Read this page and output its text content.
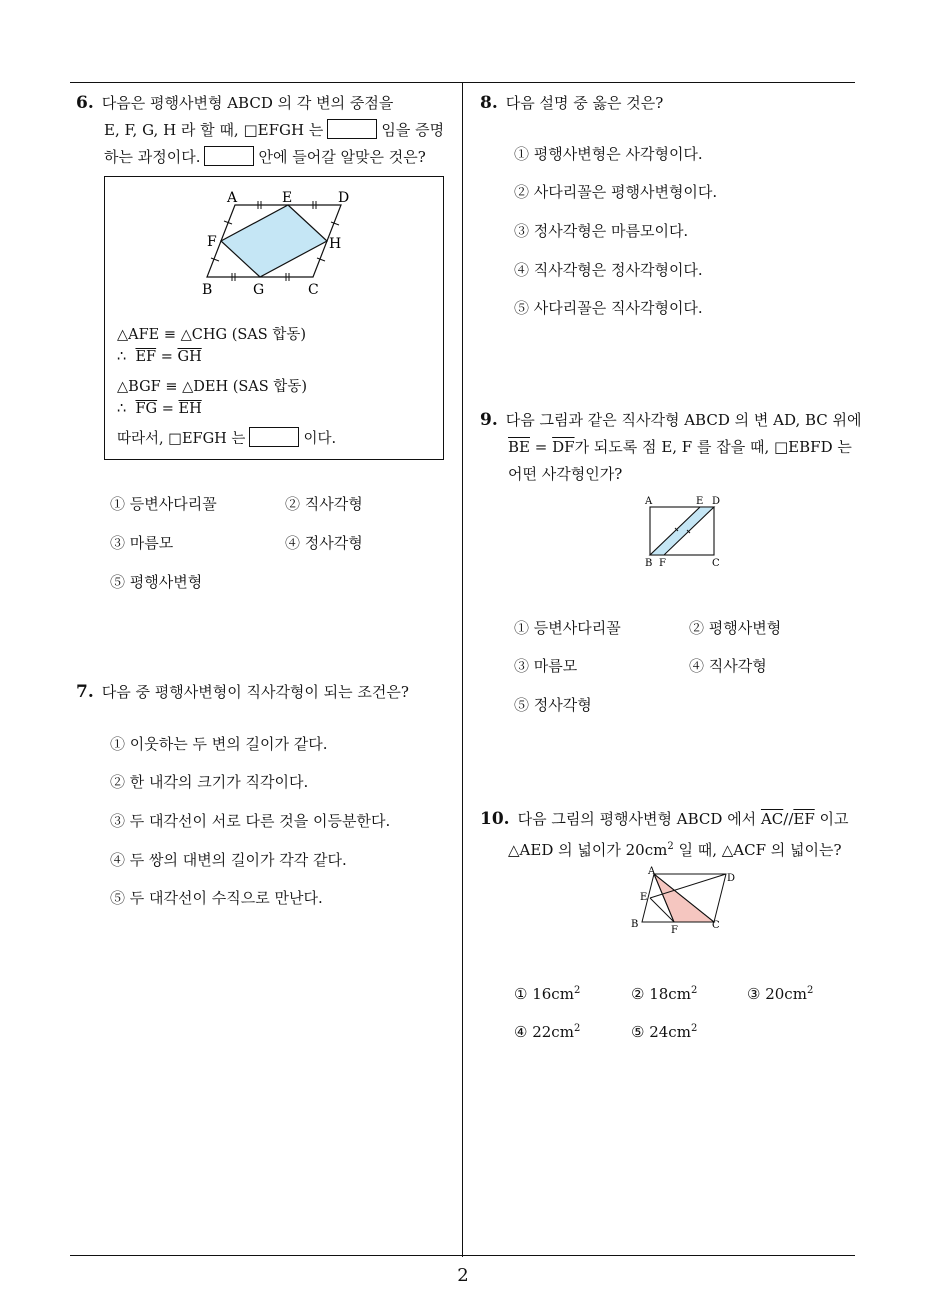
6. 다음은 평행사변형 ABCD 의 각 변의 중점을
E, F, G, H 라 할 때, □EFGH 는	임을 증명
하는 과정이다.	안에 들어갈 알맞은 것은?
A	E	D
F	H
B	G	C
△AFE ≡ △CHG (SAS 합동)
∴ $\overline{EF} = \overline{GH}$
△BGF ≡ △DEH (SAS 합동)
∴ $\overline{FG} = \overline{EH}$
따라서, □EFGH 는	이다.
① 등변사다리꼴	② 직사각형
③ 마름모	④ 정사각형
⑤ 평행사변형
7. 다음 중 평행사변형이 직사각형이 되는 조건은?
① 이웃하는 두 변의 길이가 같다.
② 한 내각의 크기가 직각이다.
③ 두 대각선이 서로 다른 것을 이등분한다.
④ 두 쌍의 대변의 길이가 각각 같다.
⑤ 두 대각선이 수직으로 만난다.
8. 다음 설명 중 옳은 것은?
① 평행사변형은 사각형이다.
② 사다리꼴은 평행사변형이다.
③ 정사각형은 마름모이다.
④ 직사각형은 정사각형이다.
⑤ 사다리꼴은 직사각형이다.
9. 다음 그림과 같은 직사각형 ABCD 의 변 AD, BC 위에
$\overline{BE} = \overline{DF}$가 되도록 점 E, F 를 잡을 때, □EBFD 는
어떤 사각형인가?
A	E D
B F	C
① 등변사다리꼴	② 평행사변형
③ 마름모	④ 직사각형
⑤ 정사각형
10. 다음 그림의 평행사변형 ABCD 에서 $\overline{AC}//\overline{EF}$ 이고
△AED 의 넓이가 $20cm^2$ 일 때, △ACF 의 넓이는?
A
D
E
B
F	C
① $16cm^2$	② $18cm^2$	③ $20cm^2$
④ $22cm^2$	⑤ $24cm^2$
2
